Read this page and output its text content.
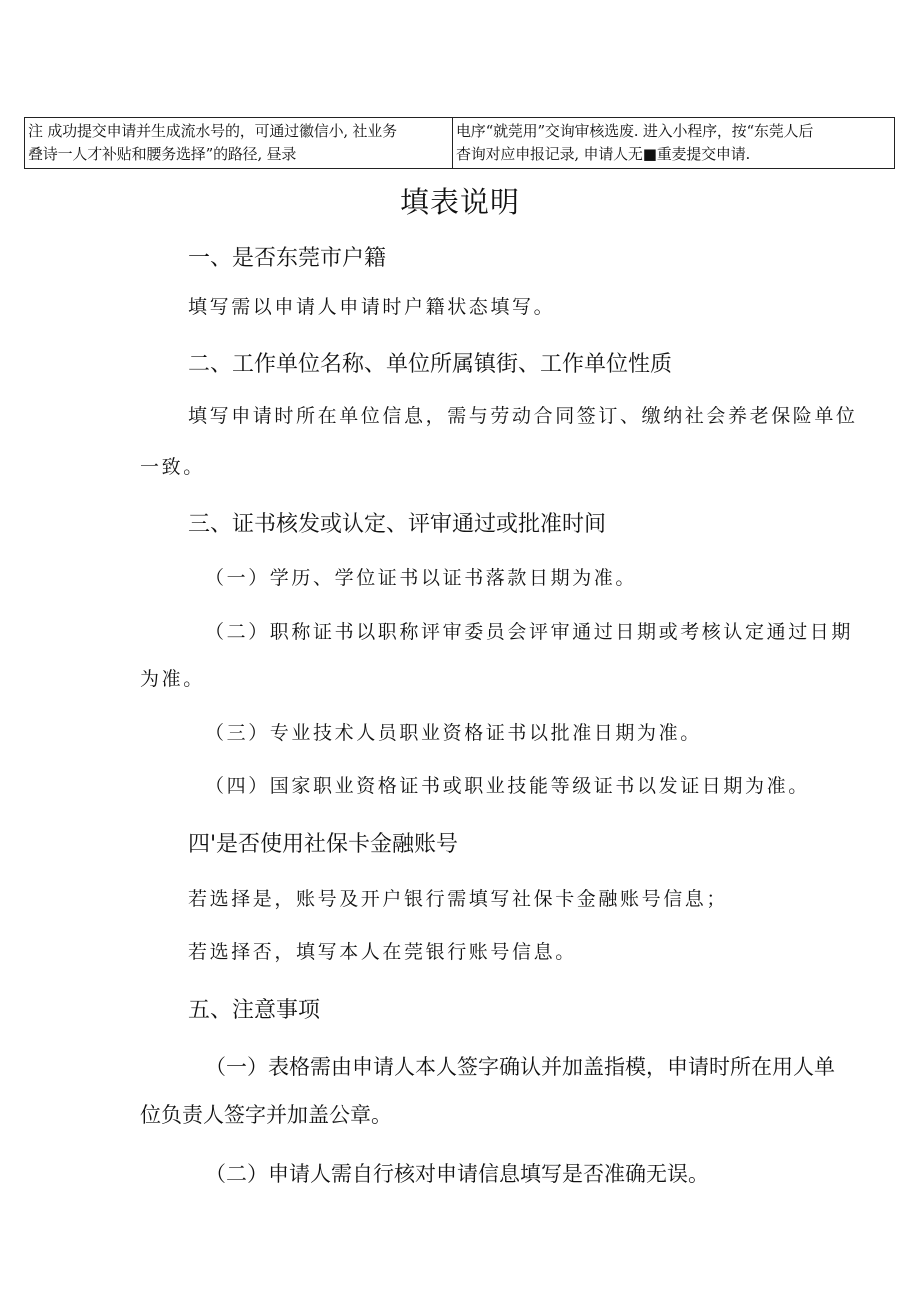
注 成功提交申请并生成流水号的，可通过徽信小, 社业务
叠诗一人才补贴和腰务选择”的路径, 昼录
电序“就莞用”交询审核选废. 进入小程序，按“东莞人后
杳询对应申报记录, 申请人无■重麦提交申请.
填表说明
一、是否东莞市户籍
填写需以申请人申请时户籍状态填写。
二、工作单位名称、单位所属镇街、工作单位性质
填写申请时所在单位信息，需与劳动合同签订、缴纳社会养老保险单位
一致。
三、证书核发或认定、评审通过或批准时间
（一）学历、学位证书以证书落款日期为准。
（二）职称证书以职称评审委员会评审通过日期或考核认定通过日期
为准。
（三）专业技术人员职业资格证书以批准日期为准。
（四）国家职业资格证书或职业技能等级证书以发证日期为准。
四'是否使用社保卡金融账号
若选择是，账号及开户银行需填写社保卡金融账号信息；
若选择否，填写本人在莞银行账号信息。
五、注意事项
（一）表格需由申请人本人签字确认并加盖指模，申请时所在用人单
位负责人签字并加盖公章。
（二）申请人需自行核对申请信息填写是否准确无误。
